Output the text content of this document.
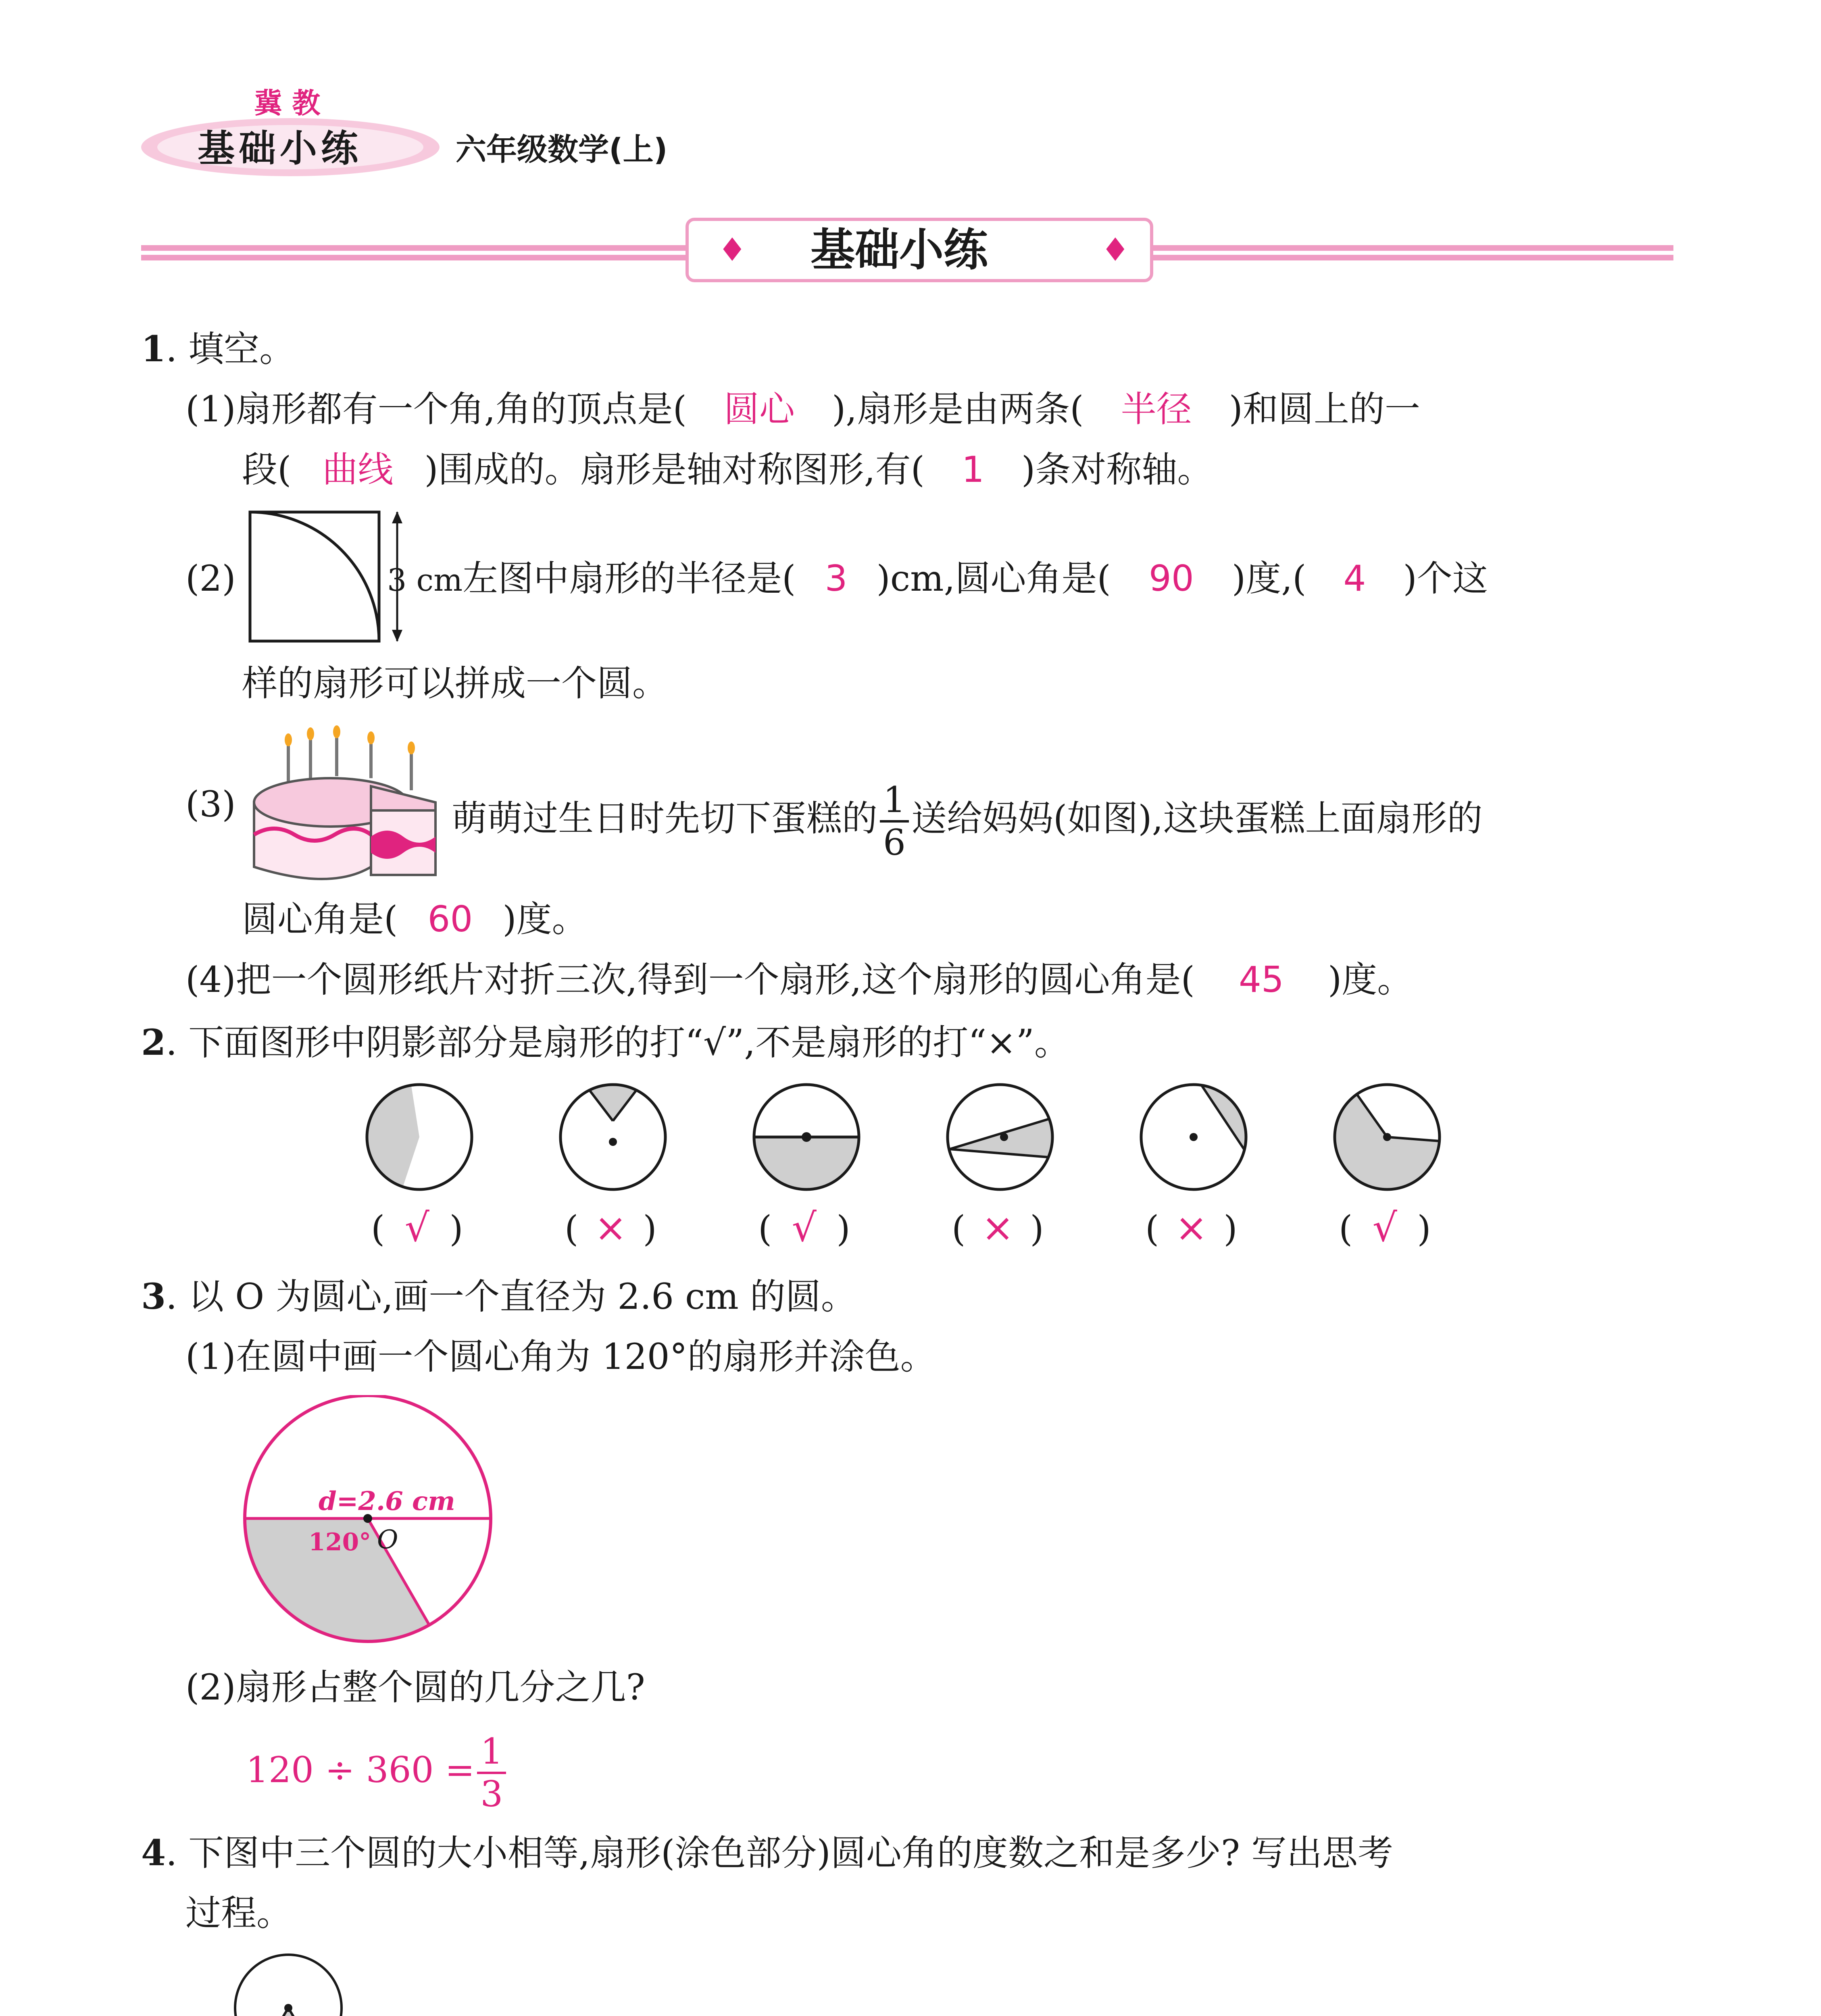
冀 教
基础小练	六年级数学(上)
♦ 基础小练	♦
1. 填空。
(1)扇形都有一个角,角的顶点是( 圆心 ),扇形是由两条( 半径 )和圆上的一
段( 曲线 )围成的。扇形是轴对称图形,有( 1 )条对称轴。
(2)	3 cm左图中扇形的半径是( 3 )cm,圆心角是( 90 )度,( 4 )个这
样的扇形可以拼成一个圆。
(3)	萌萌过生日时先切下蛋糕的 $\frac{1}{6}$ 送给妈妈(如图),这块蛋糕上面扇形的
圆心角是( 60 )度。
(4)把一个圆形纸片对折三次,得到一个扇形,这个扇形的圆心角是( 45 )度。
2. 下面图形中阴影部分是扇形的打“√”,不是扇形的打“×”。
( √ )	( × )	( √ )	( × )	( × )	( √ )
3. 以 O 为圆心,画一个直径为 2.6 cm 的圆。
(1)在圆中画一个圆心角为 120°的扇形并涂色。
d=2.6 cm
120° O
(2)扇形占整个圆的几分之几?
$120 \div 360 = \frac{1}{3}$
4. 下图中三个圆的大小相等,扇形(涂色部分)圆心角的度数之和是多少? 写出思考
过程。
